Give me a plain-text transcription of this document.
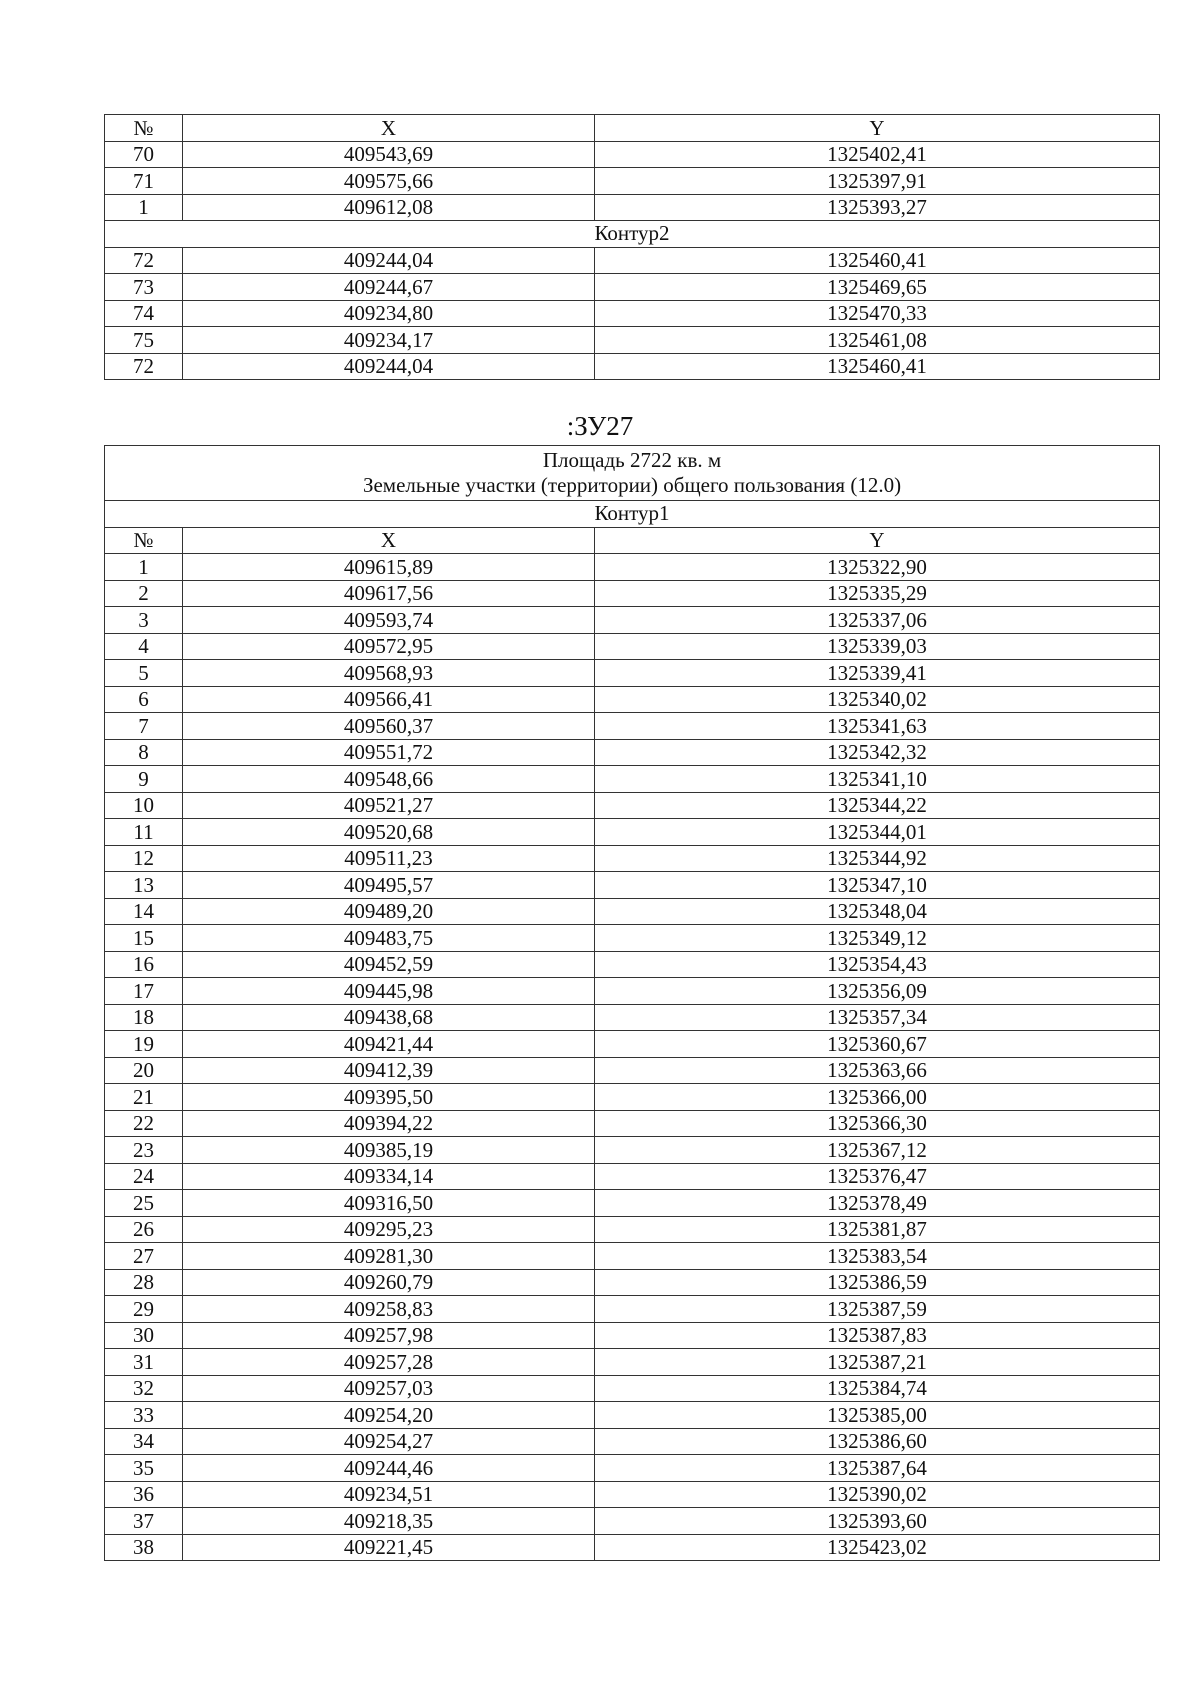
№	X	Y
70	409543,69	1325402,41
71	409575,66	1325397,91
1	409612,08	1325393,27
Контур2		
72	409244,04	1325460,41
73	409244,67	1325469,65
74	409234,80	1325470,33
75	409234,17	1325461,08
72	409244,04	1325460,41
:ЗУ27
Площадь 2722 кв. м
Земельные участки (территории) общего пользования (12.0)		

Контур1		
№	X	Y
1	409615,89	1325322,90
2	409617,56	1325335,29
3	409593,74	1325337,06
4	409572,95	1325339,03
5	409568,93	1325339,41
6	409566,41	1325340,02
7	409560,37	1325341,63
8	409551,72	1325342,32
9	409548,66	1325341,10
10	409521,27	1325344,22
11	409520,68	1325344,01
12	409511,23	1325344,92
13	409495,57	1325347,10
14	409489,20	1325348,04
15	409483,75	1325349,12
16	409452,59	1325354,43
17	409445,98	1325356,09
18	409438,68	1325357,34
19	409421,44	1325360,67
20	409412,39	1325363,66
21	409395,50	1325366,00
22	409394,22	1325366,30
23	409385,19	1325367,12
24	409334,14	1325376,47
25	409316,50	1325378,49
26	409295,23	1325381,87
27	409281,30	1325383,54
28	409260,79	1325386,59
29	409258,83	1325387,59
30	409257,98	1325387,83
31	409257,28	1325387,21
32	409257,03	1325384,74
33	409254,20	1325385,00
34	409254,27	1325386,60
35	409244,46	1325387,64
36	409234,51	1325390,02
37	409218,35	1325393,60
38	409221,45	1325423,02
